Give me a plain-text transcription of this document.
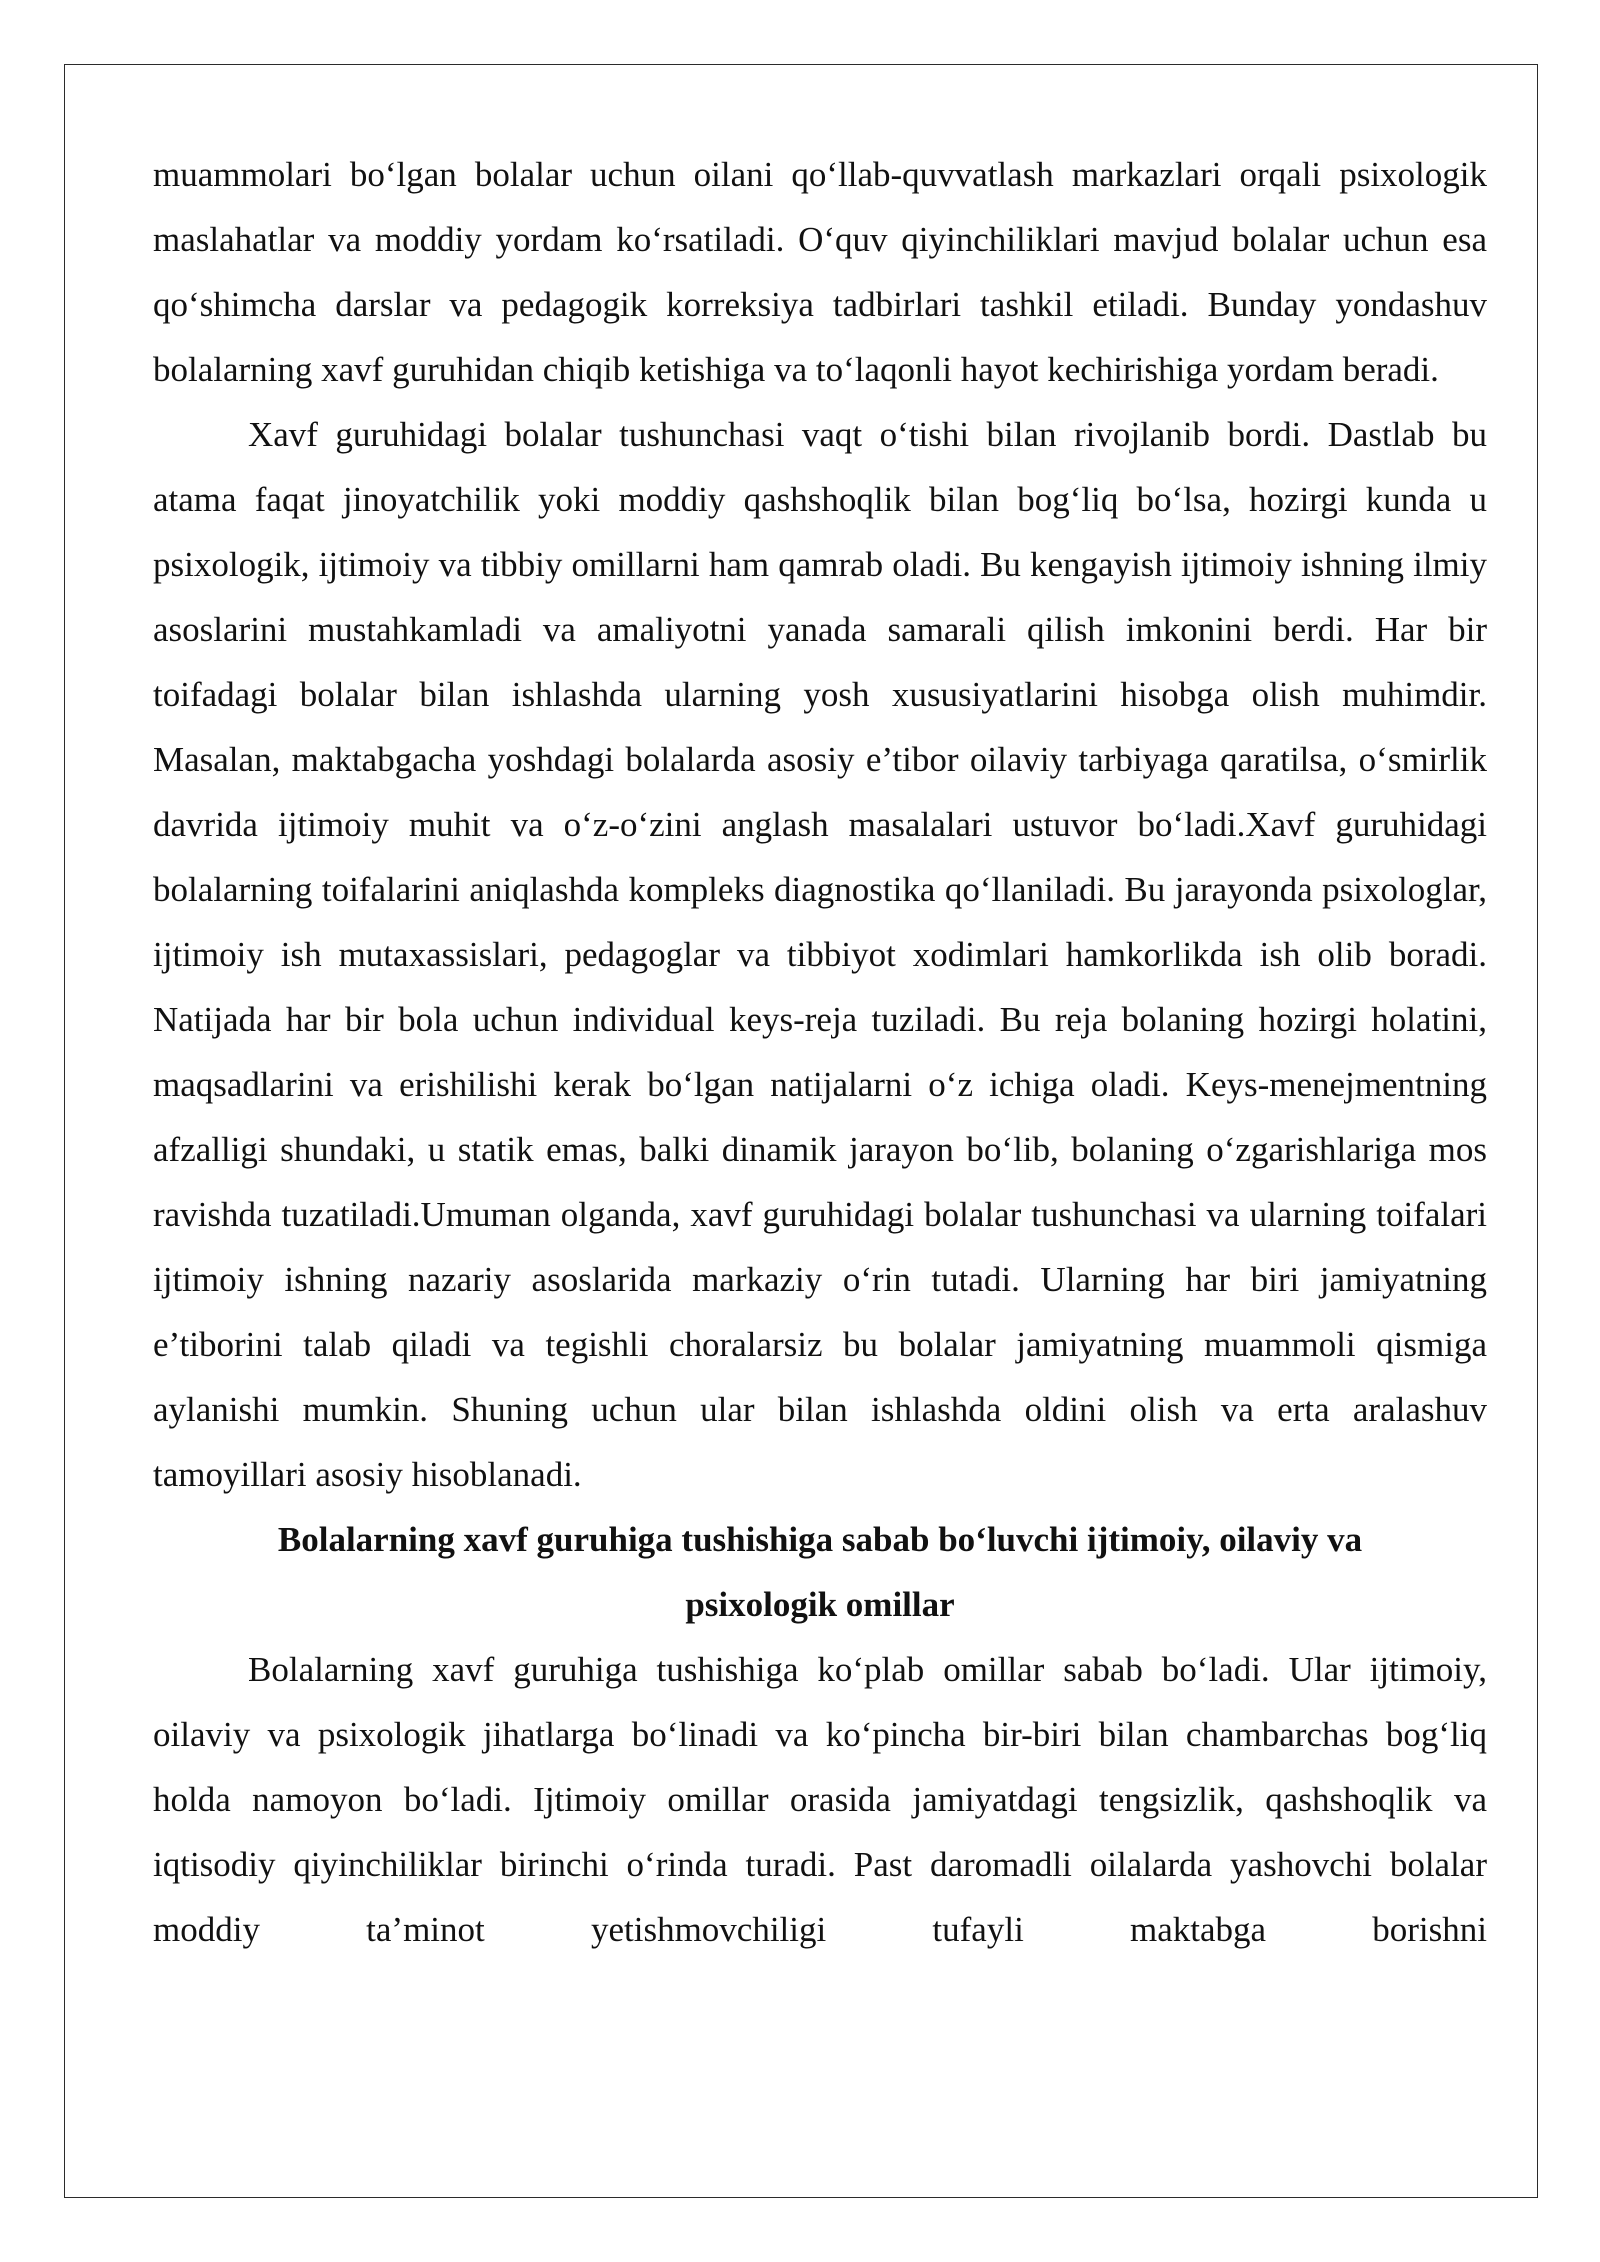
muammolari bo‘lgan bolalar uchun oilani qo‘llab-quvvatlash markazlari orqali psixologik maslahatlar va moddiy yordam ko‘rsatiladi. O‘quv qiyinchiliklari mavjud bolalar uchun esa qo‘shimcha darslar va pedagogik korreksiya tadbirlari tashkil etiladi. Bunday yondashuv bolalarning xavf guruhidan chiqib ketishiga va to‘laqonli hayot kechirishiga yordam beradi.

Xavf guruhidagi bolalar tushunchasi vaqt o‘tishi bilan rivojlanib bordi. Dastlab bu atama faqat jinoyatchilik yoki moddiy qashshoqlik bilan bog‘liq bo‘lsa, hozirgi kunda u psixologik, ijtimoiy va tibbiy omillarni ham qamrab oladi. Bu kengayish ijtimoiy ishning ilmiy asoslarini mustahkamladi va amaliyotni yanada samarali qilish imkonini berdi. Har bir toifadagi bolalar bilan ishlashda ularning yosh xususiyatlarini hisobga olish muhimdir. Masalan, maktabgacha yoshdagi bolalarda asosiy e’tibor oilaviy tarbiyaga qaratilsa, o‘smirlik davrida ijtimoiy muhit va o‘z-o‘zini anglash masalalari ustuvor bo‘ladi.Xavf guruhidagi bolalarning toifalarini aniqlashda kompleks diagnostika qo‘llaniladi. Bu jarayonda psixologlar, ijtimoiy ish mutaxassislari, pedagoglar va tibbiyot xodimlari hamkorlikda ish olib boradi. Natijada har bir bola uchun individual keys-reja tuziladi. Bu reja bolaning hozirgi holatini, maqsadlarini va erishilishi kerak bo‘lgan natijalarni o‘z ichiga oladi. Keys-menejmentning afzalligi shundaki, u statik emas, balki dinamik jarayon bo‘lib, bolaning o‘zgarishlariga mos ravishda tuzatiladi.Umuman olganda, xavf guruhidagi bolalar tushunchasi va ularning toifalari ijtimoiy ishning nazariy asoslarida markaziy o‘rin tutadi. Ularning har biri jamiyatning e’tiborini talab qiladi va tegishli choralarsiz bu bolalar jamiyatning muammoli qismiga aylanishi mumkin. Shuning uchun ular bilan ishlashda oldini olish va erta aralashuv tamoyillari asosiy hisoblanadi.

Bolalarning xavf guruhiga tushishiga sabab bo‘luvchi ijtimoiy, oilaviy va psixologik omillar

Bolalarning xavf guruhiga tushishiga ko‘plab omillar sabab bo‘ladi. Ular ijtimoiy, oilaviy va psixologik jihatlarga bo‘linadi va ko‘pincha bir-biri bilan chambarchas bog‘liq holda namoyon bo‘ladi. Ijtimoiy omillar orasida jamiyatdagi tengsizlik, qashshoqlik va iqtisodiy qiyinchiliklar birinchi o‘rinda turadi. Past daromadli oilalarda yashovchi bolalar moddiy ta’minot yetishmovchiligi tufayli maktabga borishni
